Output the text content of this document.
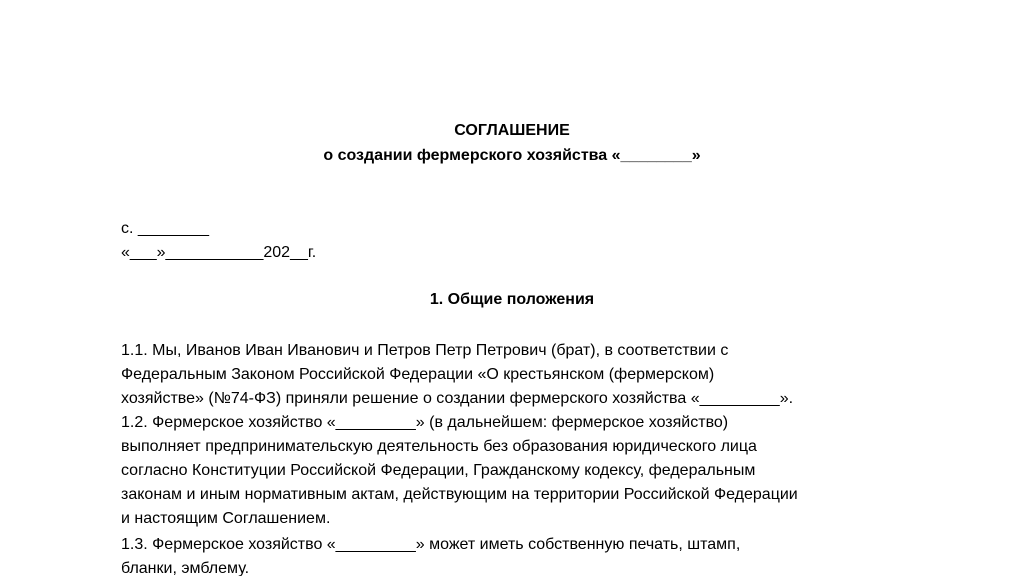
СОГЛАШЕНИЕ

о создании фермерского хозяйства «________»

с. ________

«___»___________202__г.

1. Общие положения

1.1. Мы, Иванов Иван Иванович и Петров Петр Петрович (брат), в соответствии с

Федеральным Законом Российской Федерации «О крестьянском (фермерском)

хозяйстве» (№74-ФЗ) приняли решение о создании фермерского хозяйства «_________».

1.2. Фермерское хозяйство «_________» (в дальнейшем: фермерское хозяйство)

выполняет предпринимательскую деятельность без образования юридического лица

согласно Конституции Российской Федерации, Гражданскому кодексу, федеральным

законам и иным нормативным актам, действующим на территории Российской Федерации

и настоящим Соглашением.

1.3. Фермерское хозяйство «_________» может иметь собственную печать, штамп,

бланки, эмблему.
